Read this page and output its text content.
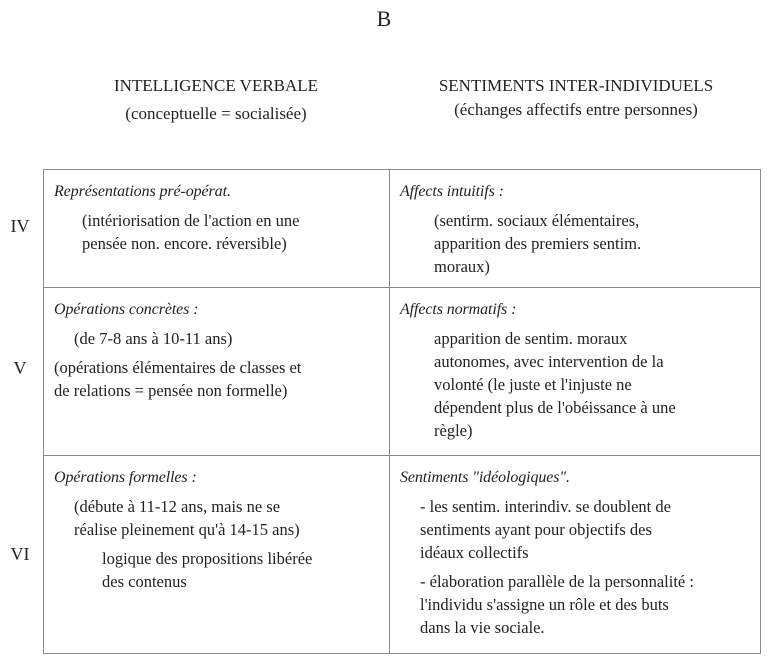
B
INTELLIGENCE VERBALE
(conceptuelle = socialisée)
SENTIMENTS INTER-INDIVIDUELS
(échanges affectifs entre personnes)
IV
V
VI
Représentations pré-opérat.
(intériorisation de l'action en une
pensée non. encore. réversible)
Affects intuitifs :
(sentirm. sociaux élémentaires,
apparition des premiers sentim.
moraux)
Opérations concrètes :
(de 7-8 ans à 10-11 ans)
(opérations élémentaires de classes et
de relations = pensée non formelle)
Affects normatifs :
apparition de sentim. moraux
autonomes, avec intervention de la
volonté (le juste et l'injuste ne
dépendent plus de l'obéissance à une
règle)
Opérations formelles :
(débute à 11-12 ans, mais ne se
réalise pleinement qu'à 14-15 ans)
logique des propositions libérée
des contenus
Sentiments "idéologiques".
- les sentim. interindiv. se doublent de
sentiments ayant pour objectifs des
idéaux collectifs
- élaboration parallèle de la personnalité :
l'individu s'assigne un rôle et des buts
dans la vie sociale.
